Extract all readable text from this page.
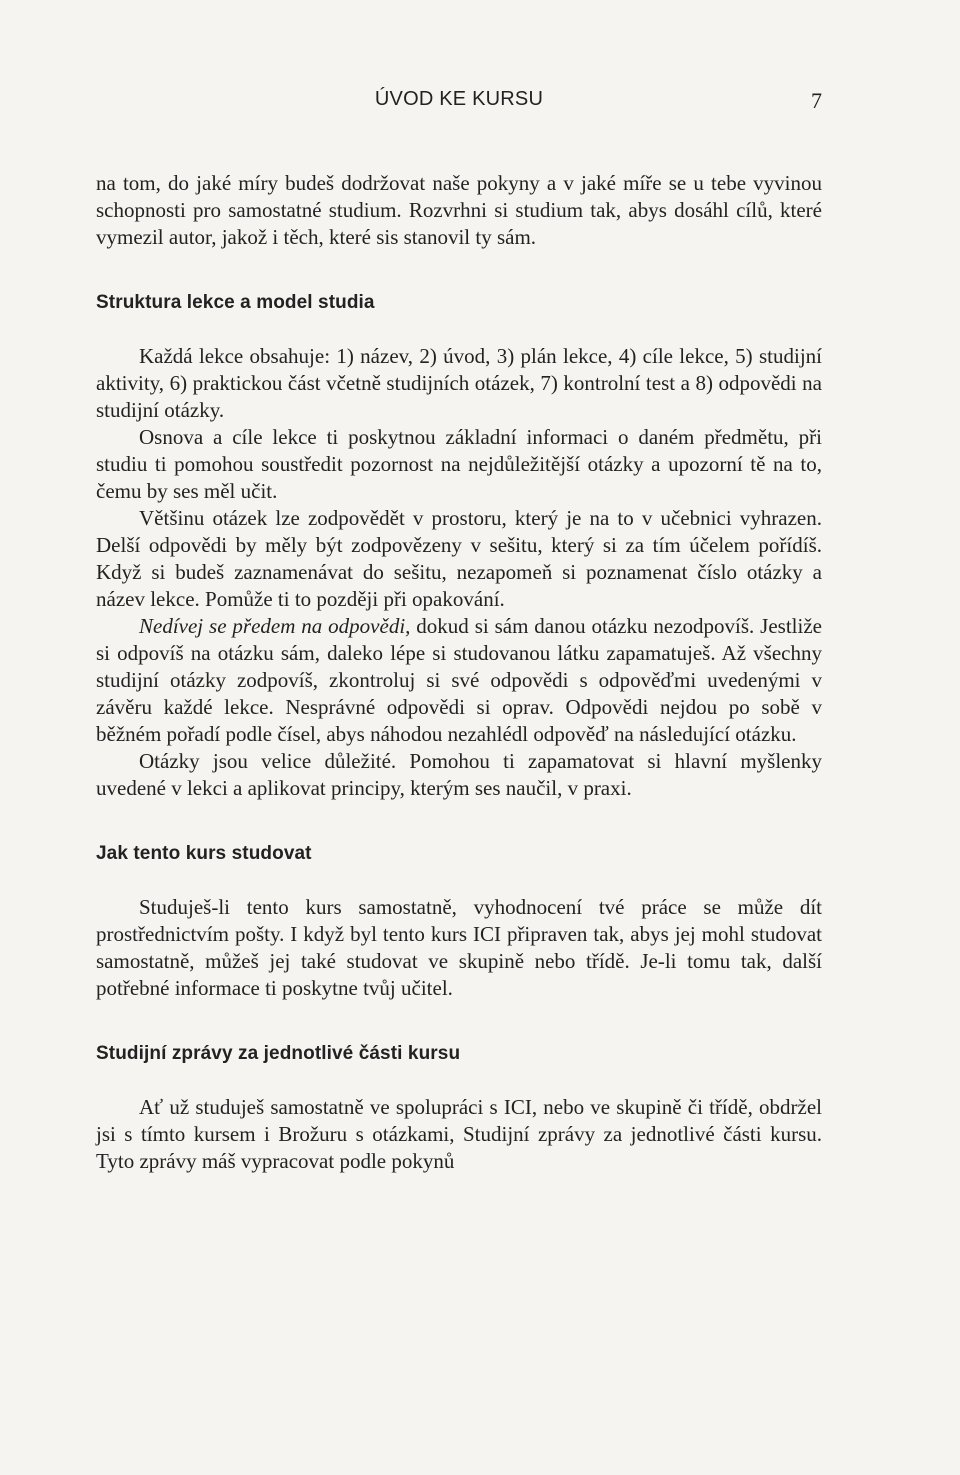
ÚVOD KE KURSU	7

na tom, do jaké míry budeš dodržovat naše pokyny a v jaké míře se u tebe vyvinou schopnosti pro samostatné studium. Rozvrhni si studium tak, abys dosáhl cílů, které vymezil autor, jakož i těch, které sis stanovil ty sám.

Struktura lekce a model studia

Každá lekce obsahuje: 1) název, 2) úvod, 3) plán lekce, 4) cíle lekce, 5) studijní aktivity, 6) praktickou část včetně studijních otázek, 7) kontrolní test a 8) odpovědi na studijní otázky.

Osnova a cíle lekce ti poskytnou základní informaci o daném předmětu, při studiu ti pomohou soustředit pozornost na nejdůležitější otázky a upozorní tě na to, čemu by ses měl učit.

Většinu otázek lze zodpovědět v prostoru, který je na to v učebnici vyhrazen. Delší odpovědi by měly být zodpovězeny v sešitu, který si za tím účelem pořídíš. Když si budeš zaznamenávat do sešitu, nezapomeň si poznamenat číslo otázky a název lekce. Pomůže ti to později při opakování.

Nedívej se předem na odpovědi, dokud si sám danou otázku nezodpovíš. Jestliže si odpovíš na otázku sám, daleko lépe si studovanou látku zapamatuješ. Až všechny studijní otázky zodpovíš, zkontroluj si své odpovědi s odpověďmi uvedenými v závěru každé lekce. Nesprávné odpovědi si oprav. Odpovědi nejdou po sobě v běžném pořadí podle čísel, abys náhodou nezahlédl odpověď na následující otázku.

Otázky jsou velice důležité. Pomohou ti zapamatovat si hlavní myšlenky uvedené v lekci a aplikovat principy, kterým ses naučil, v praxi.

Jak tento kurs studovat

Studuješ-li tento kurs samostatně, vyhodnocení tvé práce se může dít prostřednictvím pošty. I když byl tento kurs ICI připraven tak, abys jej mohl studovat samostatně, můžeš jej také studovat ve skupině nebo třídě. Je-li tomu tak, další potřebné informace ti poskytne tvůj učitel.

Studijní zprávy za jednotlivé části kursu

Ať už studuješ samostatně ve spolupráci s ICI, nebo ve skupině či třídě, obdržel jsi s tímto kursem i Brožuru s otázkami, Studijní zprávy za jednotlivé části kursu. Tyto zprávy máš vypracovat podle pokynů
